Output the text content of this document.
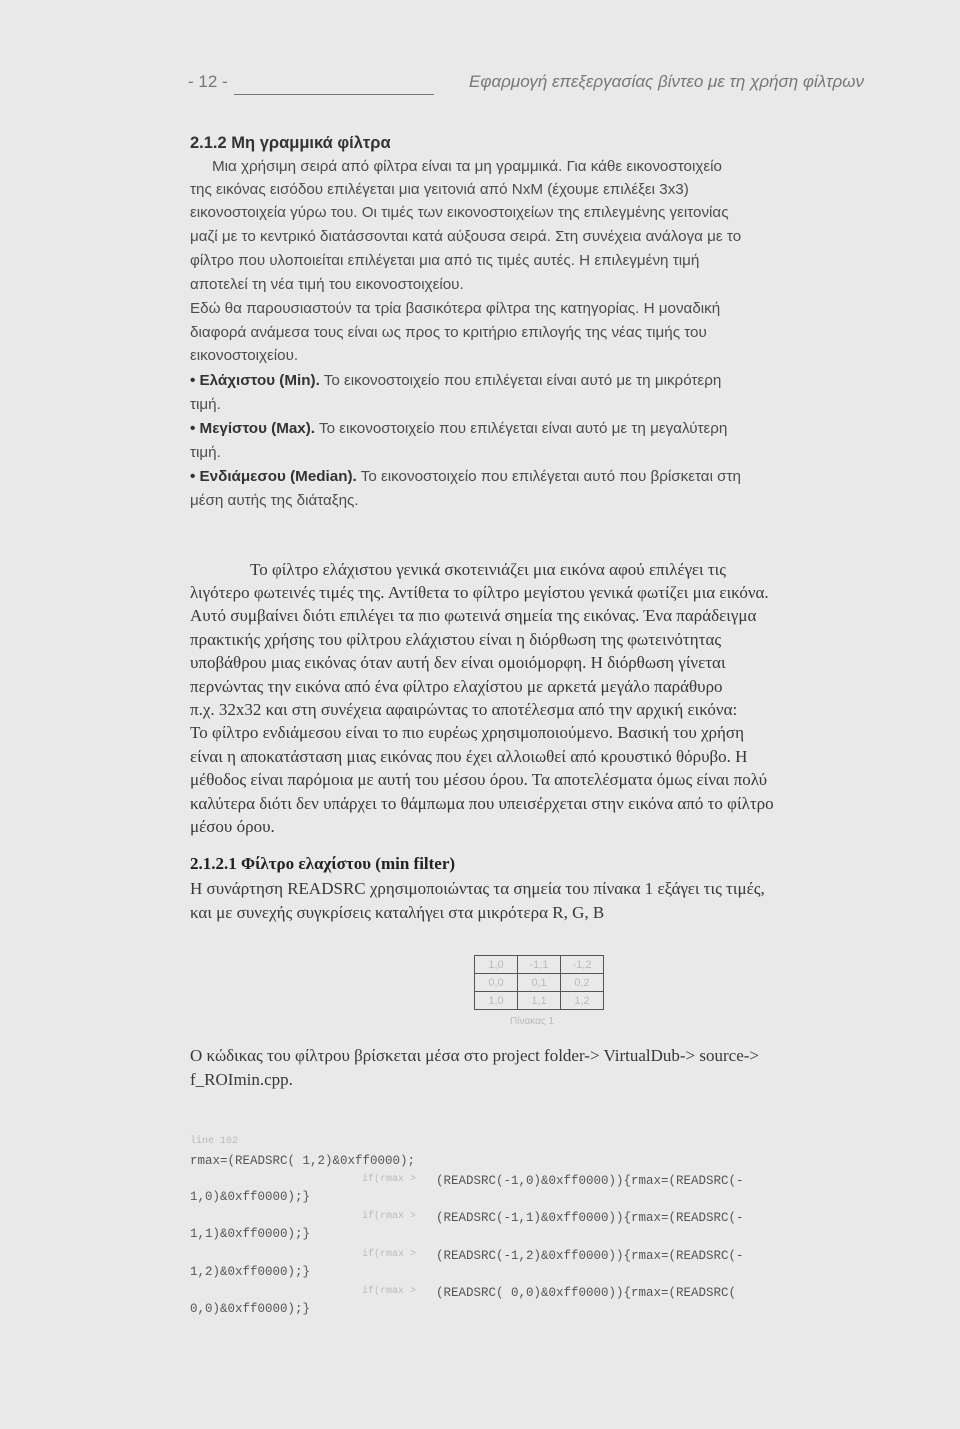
- 12 -	Εφαρμογή επεξεργασίας βίντεο με τη χρήση φίλτρων
2.1.2 Μη γραμμικά φίλτρα
Μια χρήσιμη σειρά από φίλτρα είναι τα μη γραμμικά. Για κάθε εικονοστοιχείο
της εικόνας εισόδου επιλέγεται μια γειτονιά από NxM (έχουμε επιλέξει 3x3)
εικονοστοιχεία γύρω του. Οι τιμές των εικονοστοιχείων της επιλεγμένης γειτονίας
μαζί με το κεντρικό διατάσσονται κατά αύξουσα σειρά. Στη συνέχεια ανάλογα με το
φίλτρο που υλοποιείται επιλέγεται μια από τις τιμές αυτές. Η επιλεγμένη τιμή
αποτελεί τη νέα τιμή του εικονοστοιχείου.
Εδώ θα παρουσιαστούν τα τρία βασικότερα φίλτρα της κατηγορίας. Η μοναδική
διαφορά ανάμεσα τους είναι ως προς το κριτήριο επιλογής της νέας τιμής του
εικονοστοιχείου.
• Ελάχιστου (Min). Το εικονοστοιχείο που επιλέγεται είναι αυτό με τη μικρότερη
τιμή.
• Μεγίστου (Max). Το εικονοστοιχείο που επιλέγεται είναι αυτό με τη μεγαλύτερη
τιμή.
• Ενδιάμεσου (Median). Το εικονοστοιχείο που επιλέγεται αυτό που βρίσκεται στη
μέση αυτής της διάταξης.
Το φίλτρο ελάχιστου γενικά σκοτεινιάζει μια εικόνα αφού επιλέγει τις
λιγότερο φωτεινές τιμές της. Αντίθετα το φίλτρο μεγίστου γενικά φωτίζει μια εικόνα.
Αυτό συμβαίνει διότι επιλέγει τα πιο φωτεινά σημεία της εικόνας. Ένα παράδειγμα
πρακτικής χρήσης του φίλτρου ελάχιστου είναι η διόρθωση της φωτεινότητας
υποβάθρου μιας εικόνας όταν αυτή δεν είναι ομοιόμορφη. Η διόρθωση γίνεται
περνώντας την εικόνα από ένα φίλτρο ελαχίστου με αρκετά μεγάλο παράθυρο
π.χ. 32x32 και στη συνέχεια αφαιρώντας το αποτέλεσμα από την αρχική εικόνα:
Το φίλτρο ενδιάμεσου είναι το πιο ευρέως χρησιμοποιούμενο. Βασική του χρήση
είναι η αποκατάσταση μιας εικόνας που έχει αλλοιωθεί από κρουστικό θόρυβο. Η
μέθοδος είναι παρόμοια με αυτή του μέσου όρου. Τα αποτελέσματα όμως είναι πολύ
καλύτερα διότι δεν υπάρχει το θάμπωμα που υπεισέρχεται στην εικόνα από το φίλτρο
μέσου όρου.
2.1.2.1 Φίλτρο ελαχίστου (min filter)
Η συνάρτηση READSRC χρησιμοποιώντας τα σημεία του πίνακα 1 εξάγει τις τιμές,
και με συνεχής συγκρίσεις καταλήγει στα μικρότερα R, G, B
1,0	-1,1	-1,2
0,0	0,1	0,2
1,0	1,1	1,2
Πίνακας 1
Ο κώδικας του φίλτρου βρίσκεται μέσα στο project folder-> VirtualDub-> source->
f_ROImin.cpp.
line 102
rmax=(READSRC( 1,2)&0xff0000);
if(rmax > (READSRC(-1,0)&0xff0000)){rmax=(READSRC(-
1,0)&0xff0000);}
if(rmax > (READSRC(-1,1)&0xff0000)){rmax=(READSRC(-
1,1)&0xff0000);}
if(rmax > (READSRC(-1,2)&0xff0000)){rmax=(READSRC(-
1,2)&0xff0000);}
if(rmax > (READSRC( 0,0)&0xff0000)){rmax=(READSRC(
0,0)&0xff0000);}
